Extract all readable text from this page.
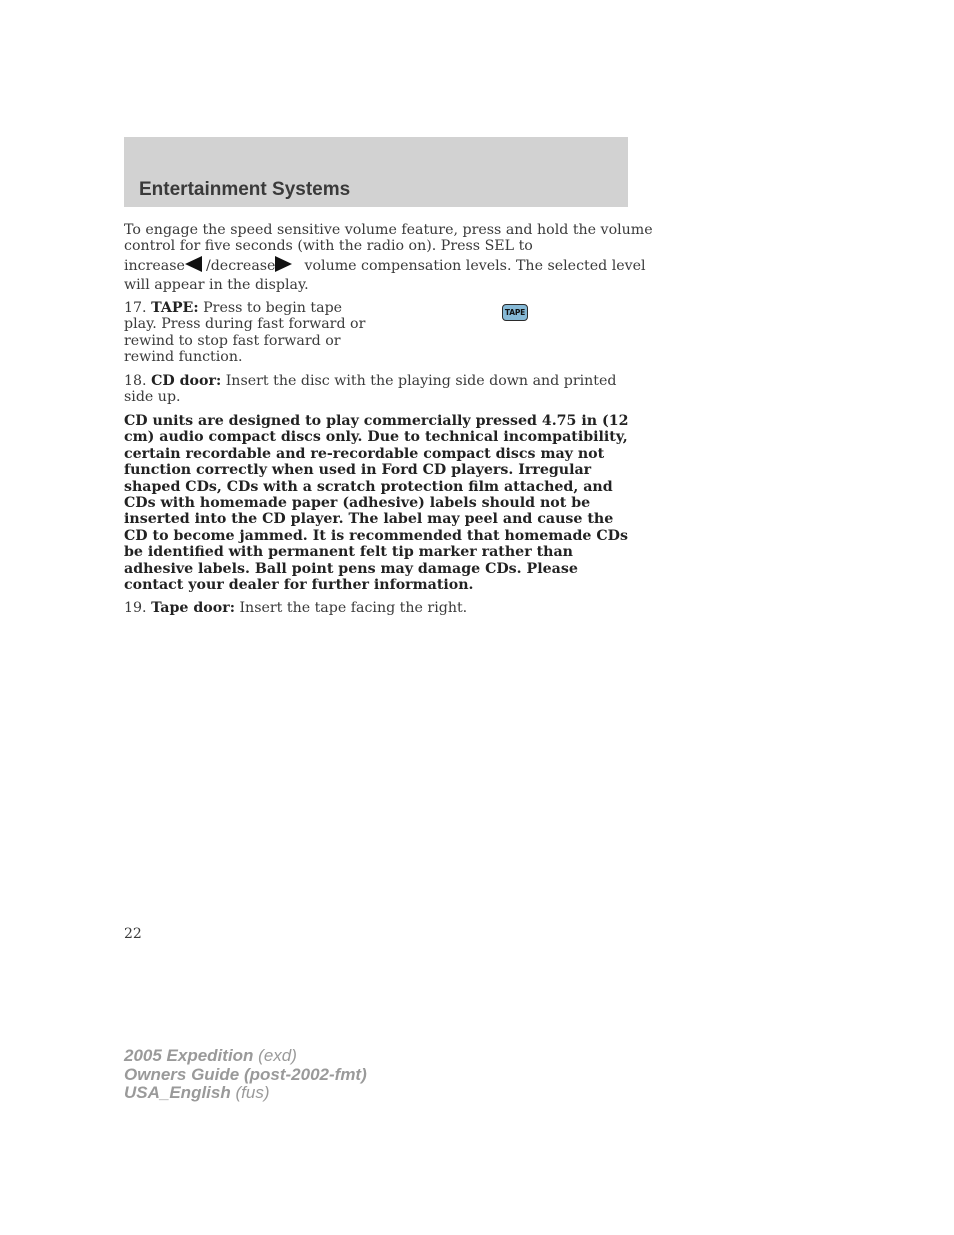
Entertainment Systems
To engage the speed sensitive volume feature, press and hold the volume
control for five seconds (with the radio on). Press SEL to
increase /decrease volume compensation levels. The selected level
will appear in the display.
17. TAPE: Press to begin tape play. Press during fast forward or rewind to stop fast forward or rewind function.
TAPE
18. CD door: Insert the disc with the playing side down and printed side up.
CD units are designed to play commercially pressed 4.75 in (12 cm) audio compact discs only. Due to technical incompatibility, certain recordable and re-recordable compact discs may not function correctly when used in Ford CD players. Irregular shaped CDs, CDs with a scratch protection film attached, and CDs with homemade paper (adhesive) labels should not be inserted into the CD player. The label may peel and cause the CD to become jammed. It is recommended that homemade CDs be identified with permanent felt tip marker rather than adhesive labels. Ball point pens may damage CDs. Please contact your dealer for further information.
19. Tape door: Insert the tape facing the right.
22
2005 Expedition (exd)
Owners Guide (post-2002-fmt)
USA_English (fus)
